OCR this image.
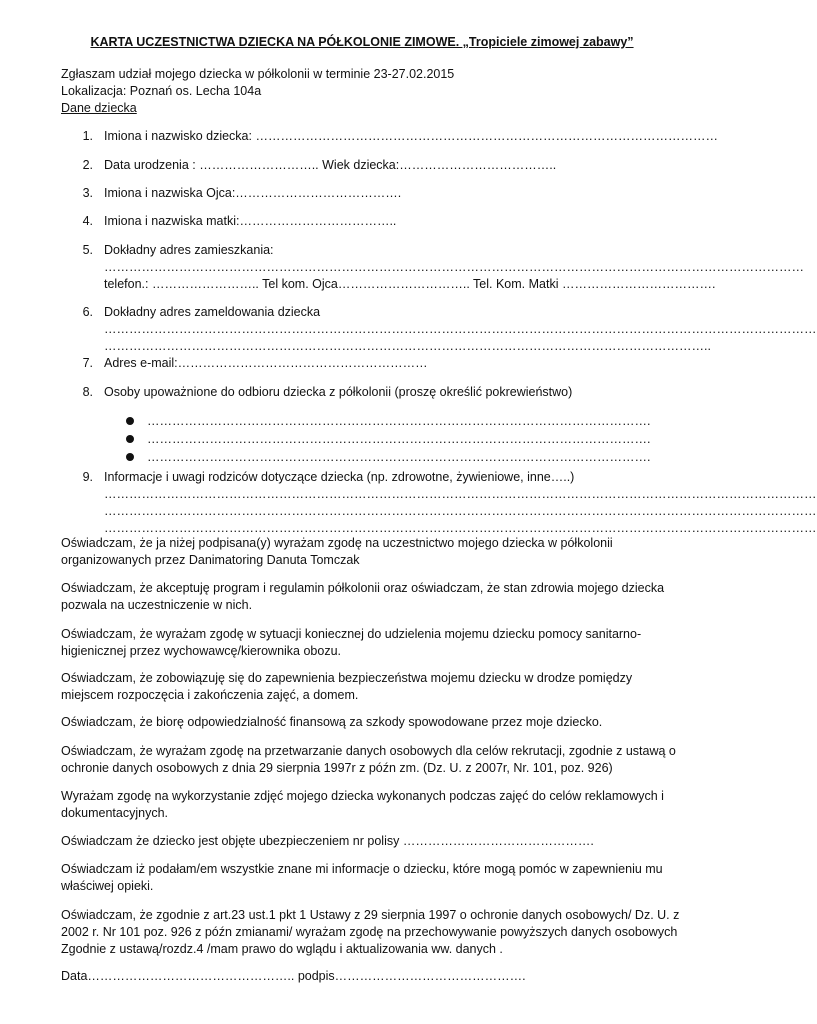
KARTA UCZESTNICTWA DZIECKA NA PÓŁKOLONIE ZIMOWE. „Tropiciele zimowej zabawy”
Zgłaszam udział mojego dziecka w półkolonii w terminie 23-27.02.2015
Lokalizacja: Poznań os. Lecha 104a
Dane dziecka
1. Imiona i nazwisko dziecka: …………………………………………………………………………………………………
2. Data urodzenia : ……………………….. Wiek dziecka:………………………………..
3. Imiona i nazwiska Ojca:………………………………….
4. Imiona i nazwiska matki:………………………………..
5. Dokładny adres zamieszkania:
……………………………………………………………………………………………………………………………………………………
telefon.: …………………….. Tel kom. Ojca………………………….. Tel. Kom. Matki ……………………………….
6. Dokładny adres zameldowania dziecka
………………………………………………………………………………………………………………………………………………………
………………………………………………………………………………………………………………………………..
7. Adres e-mail:……………………………………………………
8. Osoby upoważnione do odbioru dziecka z półkolonii (proszę określić pokrewieństwo)
………………………………………………………………………………………………………….
………………………………………………………………………………………………………….
………………………………………………………………………………………………………….
9. Informacje i uwagi rodziców dotyczące dziecka (np. zdrowotne, żywieniowe, inne…..)
………………………………………………………………………………………………………………………………………………………
………………………………………………………………………………………………………………………………………………………
………………………………………………………………………………………………………………………………………………………
Oświadczam, że ja niżej podpisana(y) wyrażam zgodę na uczestnictwo mojego dziecka w półkolonii
organizowanych przez Danimatoring Danuta Tomczak
Oświadczam, że akceptuję program i regulamin półkolonii oraz oświadczam, że stan zdrowia mojego dziecka
pozwala na uczestniczenie w nich.
Oświadczam, że wyrażam zgodę w sytuacji koniecznej do udzielenia mojemu dziecku pomocy sanitarno-
higienicznej przez wychowawcę/kierownika obozu.
Oświadczam, że zobowiązuję się do zapewnienia bezpieczeństwa mojemu dziecku w drodze pomiędzy
miejscem rozpoczęcia i zakończenia zajęć, a domem.
Oświadczam, że biorę odpowiedzialność finansową za szkody spowodowane przez moje dziecko.
Oświadczam, że wyrażam zgodę na przetwarzanie danych osobowych dla celów rekrutacji, zgodnie z ustawą o
ochronie danych osobowych z dnia 29 sierpnia 1997r z późn zm. (Dz. U. z 2007r, Nr. 101, poz. 926)
Wyrażam zgodę na wykorzystanie zdjęć mojego dziecka wykonanych podczas zajęć do celów reklamowych i
dokumentacyjnych.
Oświadczam że dziecko jest objęte ubezpieczeniem nr polisy ……………………………………….
Oświadczam iż podałam/em wszystkie znane mi informacje o dziecku, które mogą pomóc w zapewnieniu mu
właściwej opieki.
Oświadczam, że zgodnie z art.23 ust.1 pkt 1 Ustawy z 29 sierpnia 1997 o ochronie danych osobowych/ Dz. U. z
2002 r. Nr 101 poz. 926 z późn zmianami/ wyrażam zgodę na przechowywanie powyższych danych osobowych
Zgodnie z ustawą/rozdz.4 /mam prawo do wglądu i aktualizowania ww. danych .
Data………………………………………….. podpis……………………………………….
